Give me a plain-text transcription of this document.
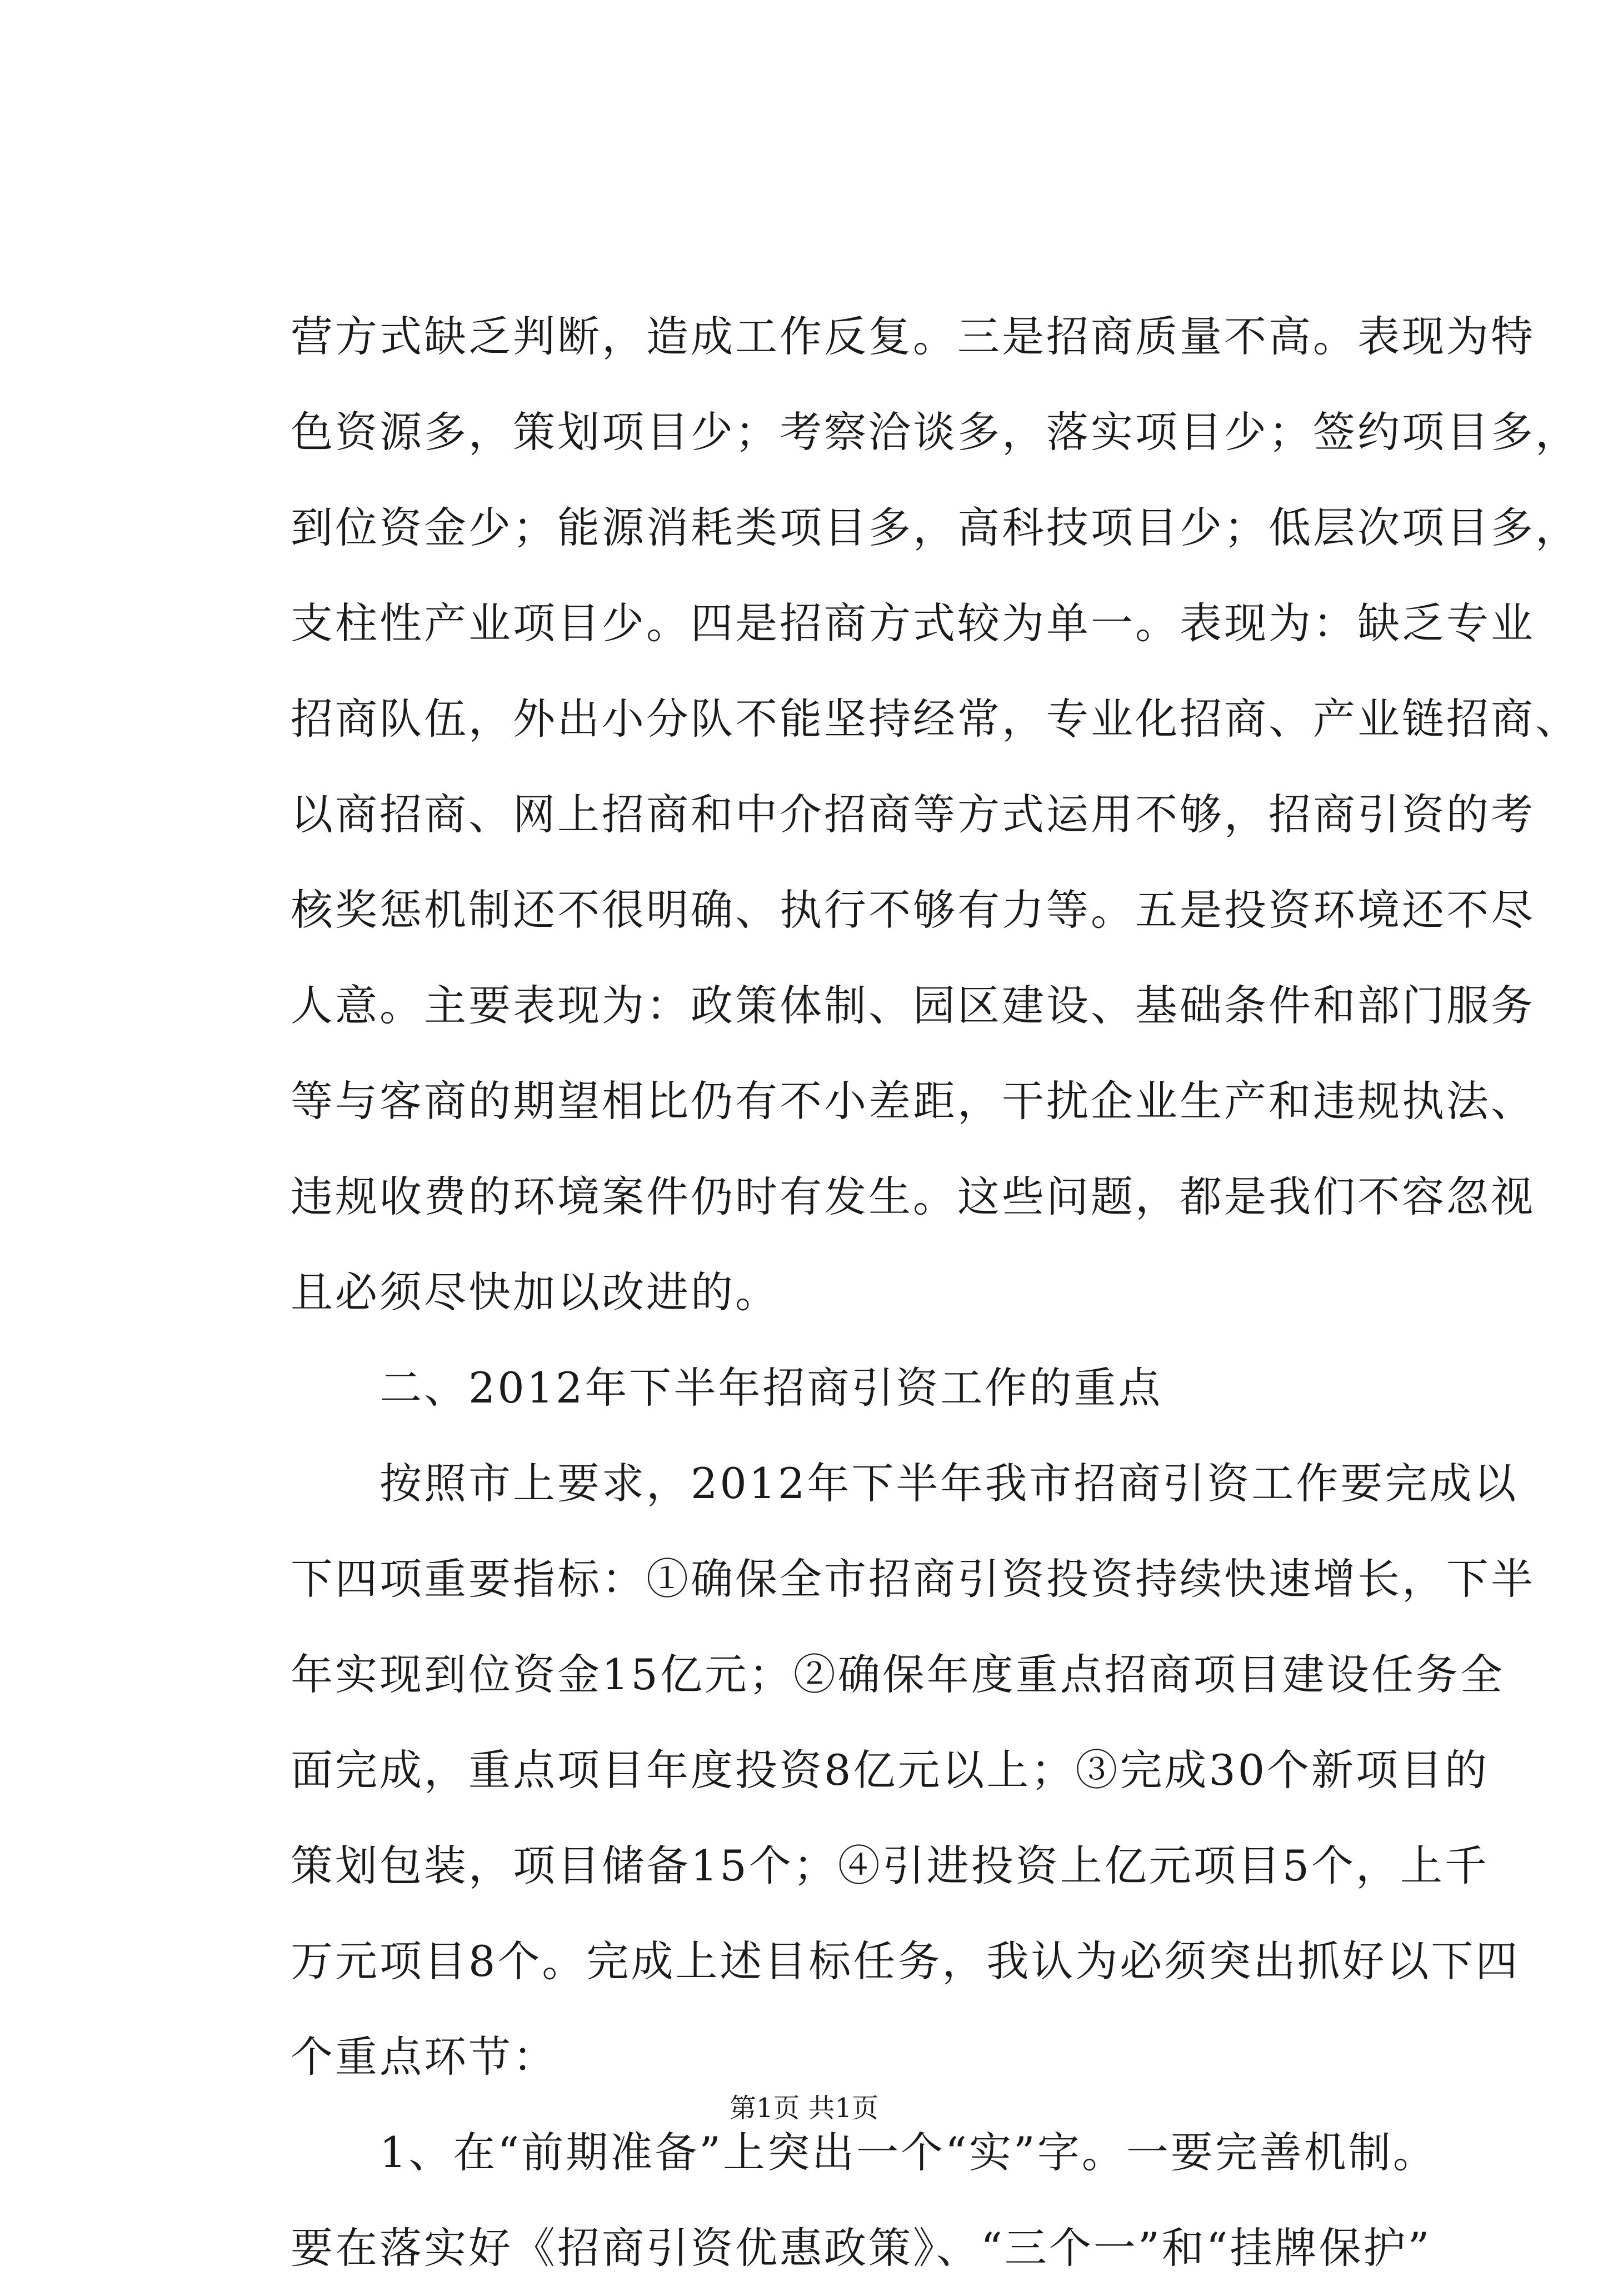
营方式缺乏判断，造成工作反复。三是招商质量不高。表现为特
色资源多，策划项目少；考察洽谈多，落实项目少；签约项目多，
到位资金少；能源消耗类项目多，高科技项目少；低层次项目多，
支柱性产业项目少。四是招商方式较为单一。表现为：缺乏专业
招商队伍，外出小分队不能坚持经常，专业化招商、产业链招商、
以商招商、网上招商和中介招商等方式运用不够，招商引资的考
核奖惩机制还不很明确、执行不够有力等。五是投资环境还不尽
人意。主要表现为：政策体制、园区建设、基础条件和部门服务
等与客商的期望相比仍有不小差距，干扰企业生产和违规执法、
违规收费的环境案件仍时有发生。这些问题，都是我们不容忽视
且必须尽快加以改进的。
二、2012年下半年招商引资工作的重点
按照市上要求，2012年下半年我市招商引资工作要完成以
下四项重要指标：①确保全市招商引资投资持续快速增长，下半
年实现到位资金15亿元；②确保年度重点招商项目建设任务全
面完成，重点项目年度投资8亿元以上；③完成30个新项目的
策划包装，项目储备15个；④引进投资上亿元项目5个，上千
万元项目8个。完成上述目标任务，我认为必须突出抓好以下四
个重点环节：
1、在“前期准备”上突出一个“实”字。一要完善机制。
要在落实好《招商引资优惠政策》、“三个一”和“挂牌保护”
第1页 共1页
